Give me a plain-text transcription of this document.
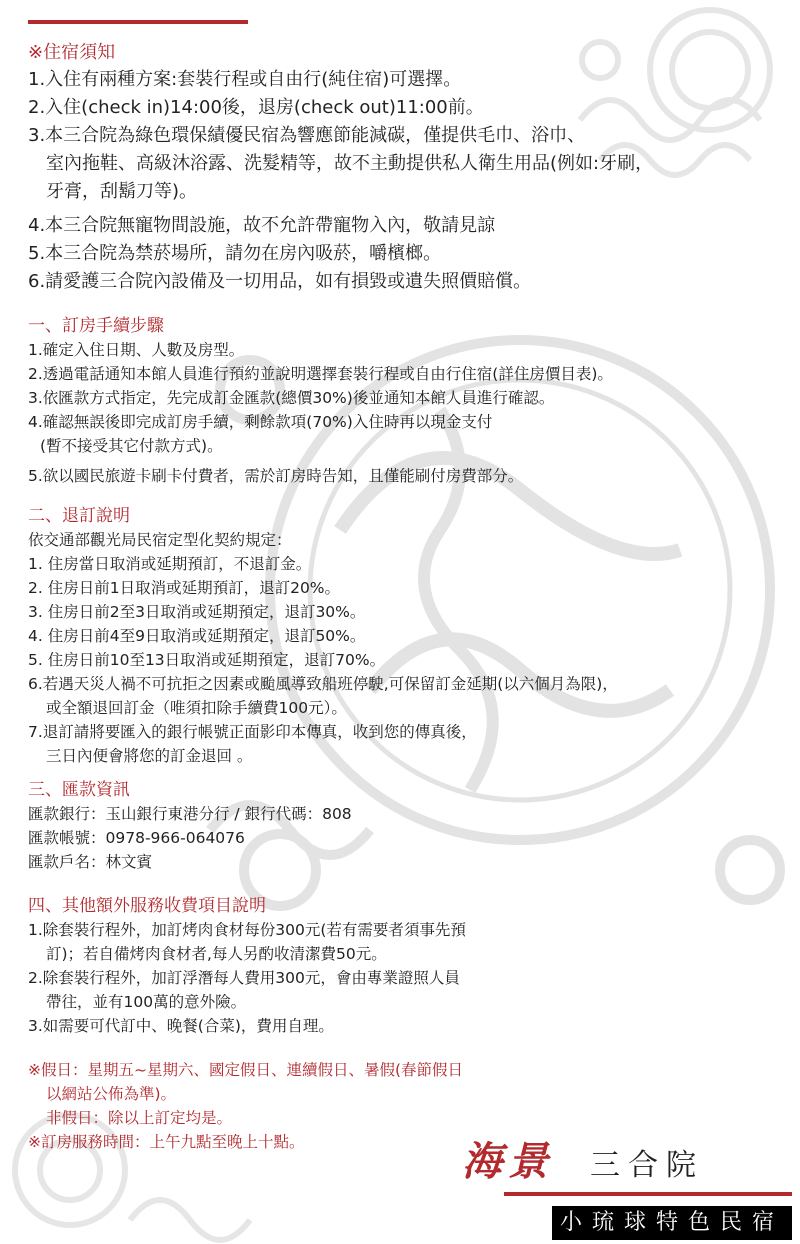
※住宿須知
1.入住有兩種方案:套裝行程或自由行(純住宿)可選擇。
2.入住(check in)14:00後，退房(check out)11:00前。
3.本三合院為綠色環保績優民宿為響應節能減碳，僅提供毛巾、浴巾、
室內拖鞋、高級沐浴露、洗髮精等，故不主動提供私人衛生用品(例如:牙刷，
牙膏，刮鬍刀等)。
4.本三合院無寵物間設施，故不允許帶寵物入內，敬請見諒
5.本三合院為禁菸場所，請勿在房內吸菸，嚼檳榔。
6.請愛護三合院內設備及一切用品，如有損毀或遺失照價賠償。
一、訂房手續步驟
1.確定入住日期、人數及房型。
2.透過電話通知本館人員進行預約並說明選擇套裝行程或自由行住宿(詳住房價目表)。
3.依匯款方式指定，先完成訂金匯款(總價30%)後並通知本館人員進行確認。
4.確認無誤後即完成訂房手續，剩餘款項(70%)入住時再以現金支付
(暫不接受其它付款方式)。
5.欲以國民旅遊卡刷卡付費者，需於訂房時告知，且僅能刷付房費部分。
二、退訂說明
依交通部觀光局民宿定型化契約規定：
1. 住房當日取消或延期預訂，不退訂金。
2. 住房日前1日取消或延期預訂，退訂20%。
3. 住房日前2至3日取消或延期預定，退訂30%。
4. 住房日前4至9日取消或延期預定，退訂50%。
5. 住房日前10至13日取消或延期預定，退訂70%。
6.若遇天災人禍不可抗拒之因素或颱風導致船班停駛,可保留訂金延期(以六個月為限)，
或全額退回訂金（唯須扣除手續費100元）。
7.退訂請將要匯入的銀行帳號正面影印本傳真，收到您的傳真後，
三日內便會將您的訂金退回 。
三、匯款資訊
匯款銀行：玉山銀行東港分行 / 銀行代碼：808
匯款帳號：0978-966-064076
匯款戶名：林文賓
四、其他額外服務收費項目說明
1.除套裝行程外，加訂烤肉食材每份300元(若有需要者須事先預
訂)；若自備烤肉食材者,每人另酌收清潔費50元。
2.除套裝行程外，加訂浮潛每人費用300元，會由專業證照人員
帶往，並有100萬的意外險。
3.如需要可代訂中、晚餐(合菜)，費用自理。
※假日：星期五~星期六、國定假日、連續假日、暑假(春節假日
以網站公佈為準)。
非假日：除以上訂定均是。
※訂房服務時間：上午九點至晚上十點。	海景 三合院
小琉球特色民宿
